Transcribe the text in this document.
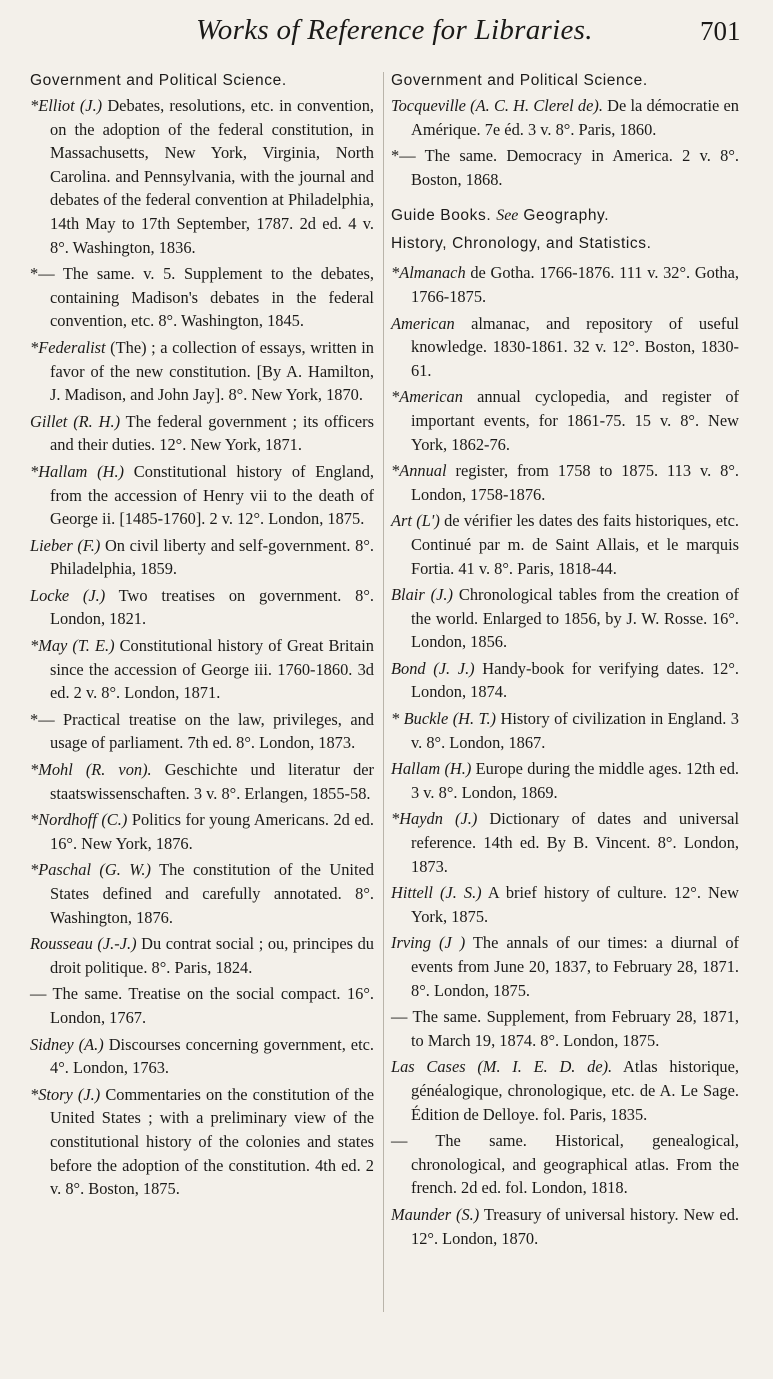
Works of Reference for Libraries.	701
Government and Political Science.

*Elliot (J.) Debates, resolutions, etc. in convention, on the adoption of the federal constitution, in Massachusetts, New York, Virginia, North Carolina. and Pennsylvania, with the journal and debates of the federal convention at Philadelphia, 14th May to 17th September, 1787. 2d ed. 4 v. 8°. Washington, 1836.

*— The same. v. 5. Supplement to the debates, containing Madison's debates in the federal convention, etc. 8°. Washington, 1845.

*Federalist (The) ; a collection of essays, written in favor of the new constitution. [By A. Hamilton, J. Madison, and John Jay]. 8°. New York, 1870.

Gillet (R. H.) The federal government ; its officers and their duties. 12°. New York, 1871.

*Hallam (H.) Constitutional history of England, from the accession of Henry vii to the death of George ii. [1485-1760]. 2 v. 12°. London, 1875.

Lieber (F.) On civil liberty and self-government. 8°. Philadelphia, 1859.

Locke (J.) Two treatises on government. 8°. London, 1821.

*May (T. E.) Constitutional history of Great Britain since the accession of George iii. 1760-1860. 3d ed. 2 v. 8°. London, 1871.

*— Practical treatise on the law, privileges, and usage of parliament. 7th ed. 8°. London, 1873.

*Mohl (R. von). Geschichte und literatur der staatswissenschaften. 3 v. 8°. Erlangen, 1855-58.

*Nordhoff (C.) Politics for young Americans. 2d ed. 16°. New York, 1876.

*Paschal (G. W.) The constitution of the United States defined and carefully annotated. 8°. Washington, 1876.

Rousseau (J.-J.) Du contrat social ; ou, principes du droit politique. 8°. Paris, 1824.

— The same. Treatise on the social compact. 16°. London, 1767.

Sidney (A.) Discourses concerning government, etc. 4°. London, 1763.

*Story (J.) Commentaries on the constitution of the United States ; with a preliminary view of the constitutional history of the colonies and states before the adoption of the constitution. 4th ed. 2 v. 8°. Boston, 1875.

Government and Political Science.

Tocqueville (A. C. H. Clerel de). De la démocratie en Amérique. 7e éd. 3 v. 8°. Paris, 1860.

*— The same. Democracy in America. 2 v. 8°. Boston, 1868.

Guide Books. See Geography.
History, Chronology, and Statistics.

*Almanach de Gotha. 1766-1876. 111 v. 32°. Gotha, 1766-1875.

American almanac, and repository of useful knowledge. 1830-1861. 32 v. 12°. Boston, 1830-61.

*American annual cyclopedia, and register of important events, for 1861-75. 15 v. 8°. New York, 1862-76.

*Annual register, from 1758 to 1875. 113 v. 8°. London, 1758-1876.

Art (L') de vérifier les dates des faits historiques, etc. Continué par m. de Saint Allais, et le marquis Fortia. 41 v. 8°. Paris, 1818-44.

Blair (J.) Chronological tables from the creation of the world. Enlarged to 1856, by J. W. Rosse. 16°. London, 1856.

Bond (J. J.) Handy-book for verifying dates. 12°. London, 1874.

* Buckle (H. T.) History of civilization in England. 3 v. 8°. London, 1867.

Hallam (H.) Europe during the middle ages. 12th ed. 3 v. 8°. London, 1869.

*Haydn (J.) Dictionary of dates and universal reference. 14th ed. By B. Vincent. 8°. London, 1873.

Hittell (J. S.) A brief history of culture. 12°. New York, 1875.

Irving (J ) The annals of our times: a diurnal of events from June 20, 1837, to February 28, 1871. 8°. London, 1875.

— The same. Supplement, from February 28, 1871, to March 19, 1874. 8°. London, 1875.

Las Cases (M. I. E. D. de). Atlas historique, généalogique, chronologique, etc. de A. Le Sage. Édition de Delloye. fol. Paris, 1835.

— The same. Historical, genealogical, chronological, and geographical atlas. From the french. 2d ed. fol. London, 1818.

Maunder (S.) Treasury of universal history. New ed. 12°. London, 1870.
